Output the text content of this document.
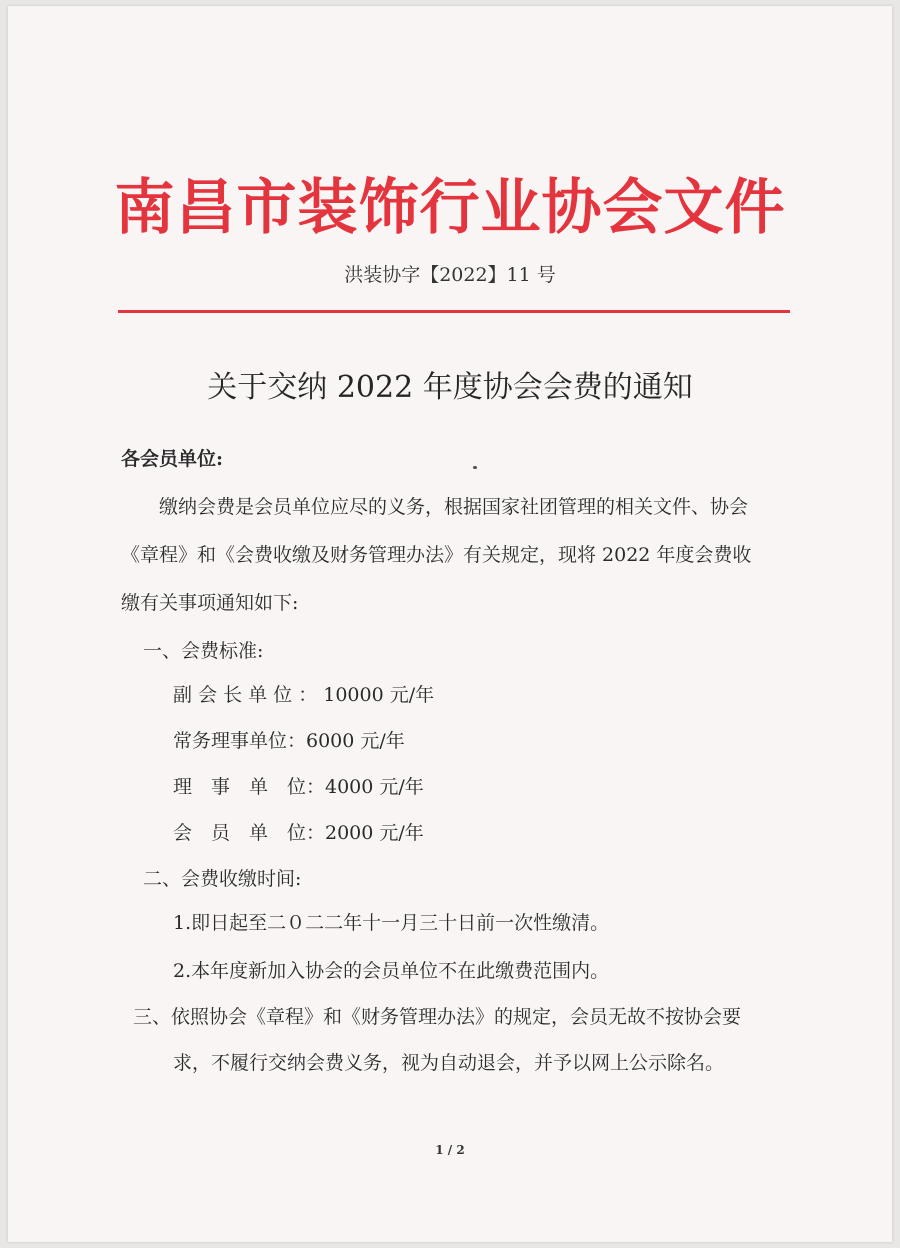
南昌市装饰行业协会文件
洪装协字【2022】11 号
关于交纳 2022 年度协会会费的通知
各会员单位:
缴纳会费是会员单位应尽的义务，根据国家社团管理的相关文件、协会
《章程》和《会费收缴及财务管理办法》有关规定，现将 2022 年度会费收
缴有关事项通知如下:
一、会费标准:
副 会 长 单 位 ： 10000 元/年
常务理事单位：6000 元/年
理　事　单　位：4000 元/年
会　员　单　位：2000 元/年
二、会费收缴时间:
1.即日起至二０二二年十一月三十日前一次性缴清。
2.本年度新加入协会的会员单位不在此缴费范围内。
三、依照协会《章程》和《财务管理办法》的规定，会员无故不按协会要
求，不履行交纳会费义务，视为自动退会，并予以网上公示除名。
1 / 2
